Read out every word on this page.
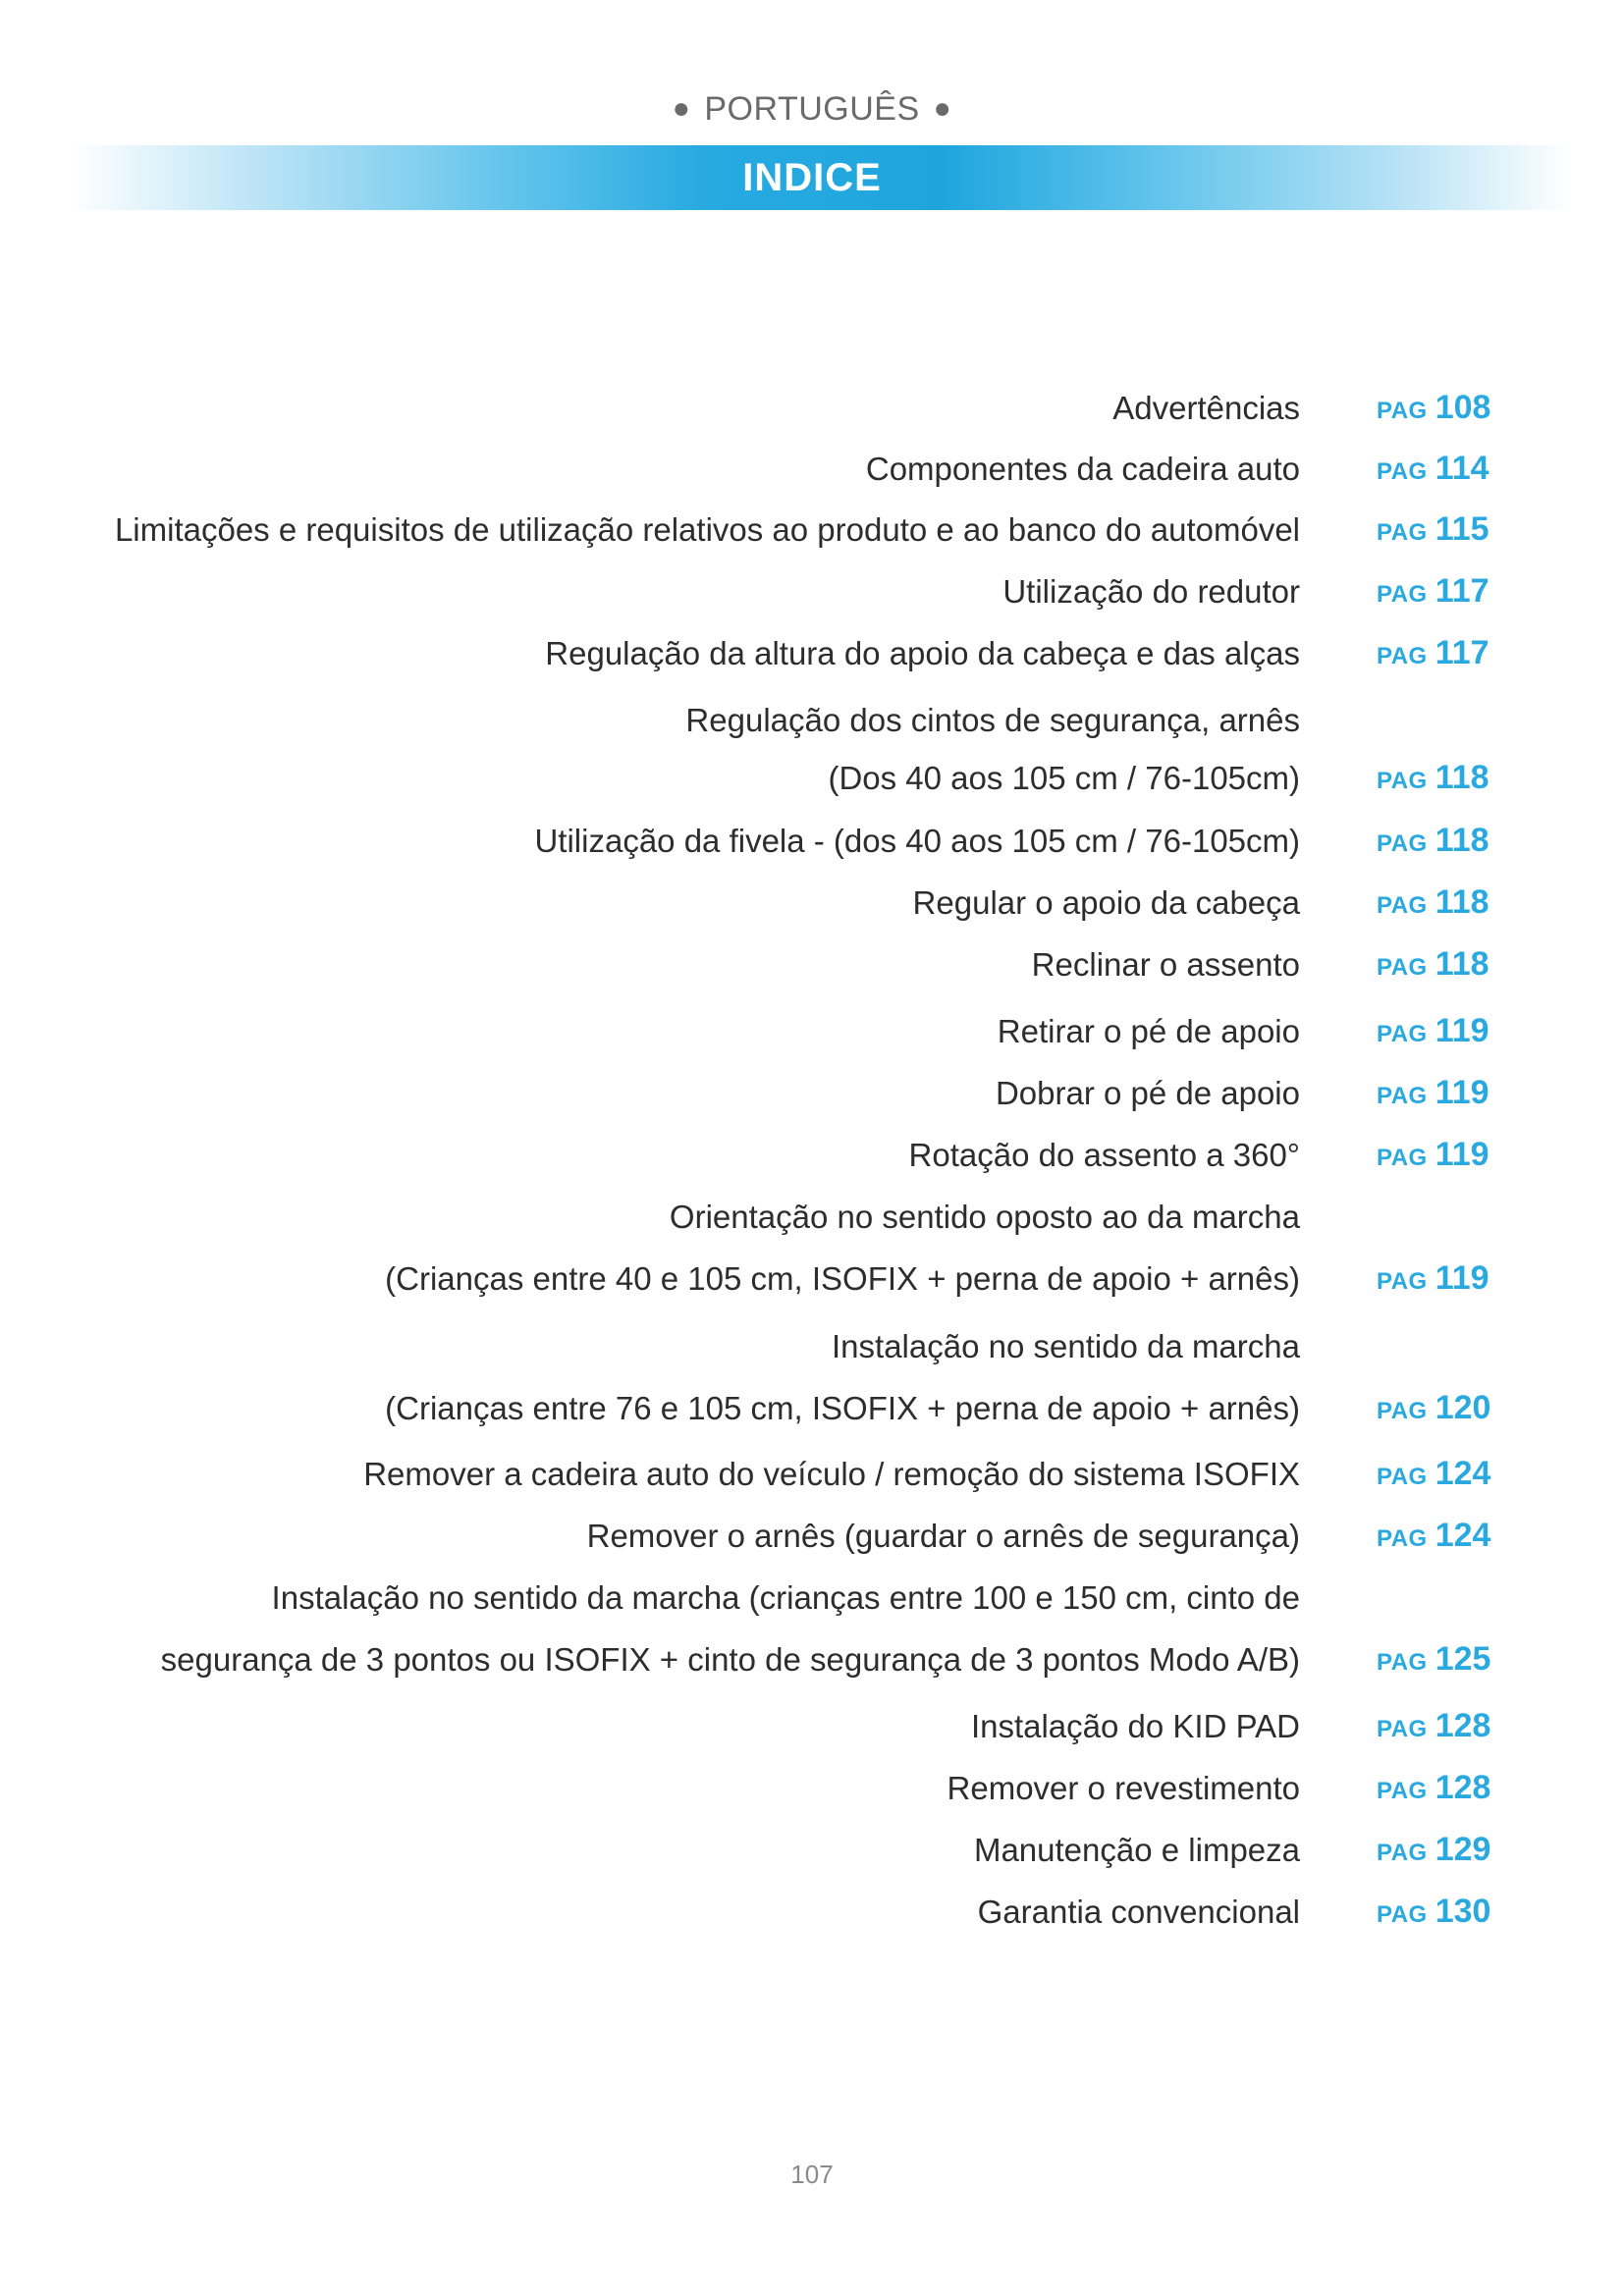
● PORTUGUÊS ●
INDICE
Advertências	PAG 108
Componentes da cadeira auto	PAG 114
Limitações e requisitos de utilização relativos ao produto e ao banco do automóvel	PAG 115
Utilização do redutor	PAG 117
Regulação da altura do apoio da cabeça e das alças	PAG 117
Regulação dos cintos de segurança, arnês
(Dos 40 aos 105 cm / 76-105cm)	PAG 118
Utilização da fivela - (dos 40 aos 105 cm / 76-105cm)	PAG 118
Regular o apoio da cabeça	PAG 118
Reclinar o assento	PAG 118
Retirar o pé de apoio	PAG 119
Dobrar o pé de apoio	PAG 119
Rotação do assento a 360°	PAG 119
Orientação no sentido oposto ao da marcha
(Crianças entre 40 e 105 cm, ISOFIX + perna de apoio + arnês)	PAG 119
Instalação no sentido da marcha
(Crianças entre 76 e 105 cm, ISOFIX + perna de apoio + arnês)	PAG 120
Remover a cadeira auto do veículo / remoção do sistema ISOFIX	PAG 124
Remover o arnês (guardar o arnês de segurança)	PAG 124
Instalação no sentido da marcha (crianças entre 100 e 150 cm, cinto de
segurança de 3 pontos ou ISOFIX + cinto de segurança de 3 pontos Modo A/B)	PAG 125
Instalação do KID PAD	PAG 128
Remover o revestimento	PAG 128
Manutenção e limpeza	PAG 129
Garantia convencional	PAG 130
107
